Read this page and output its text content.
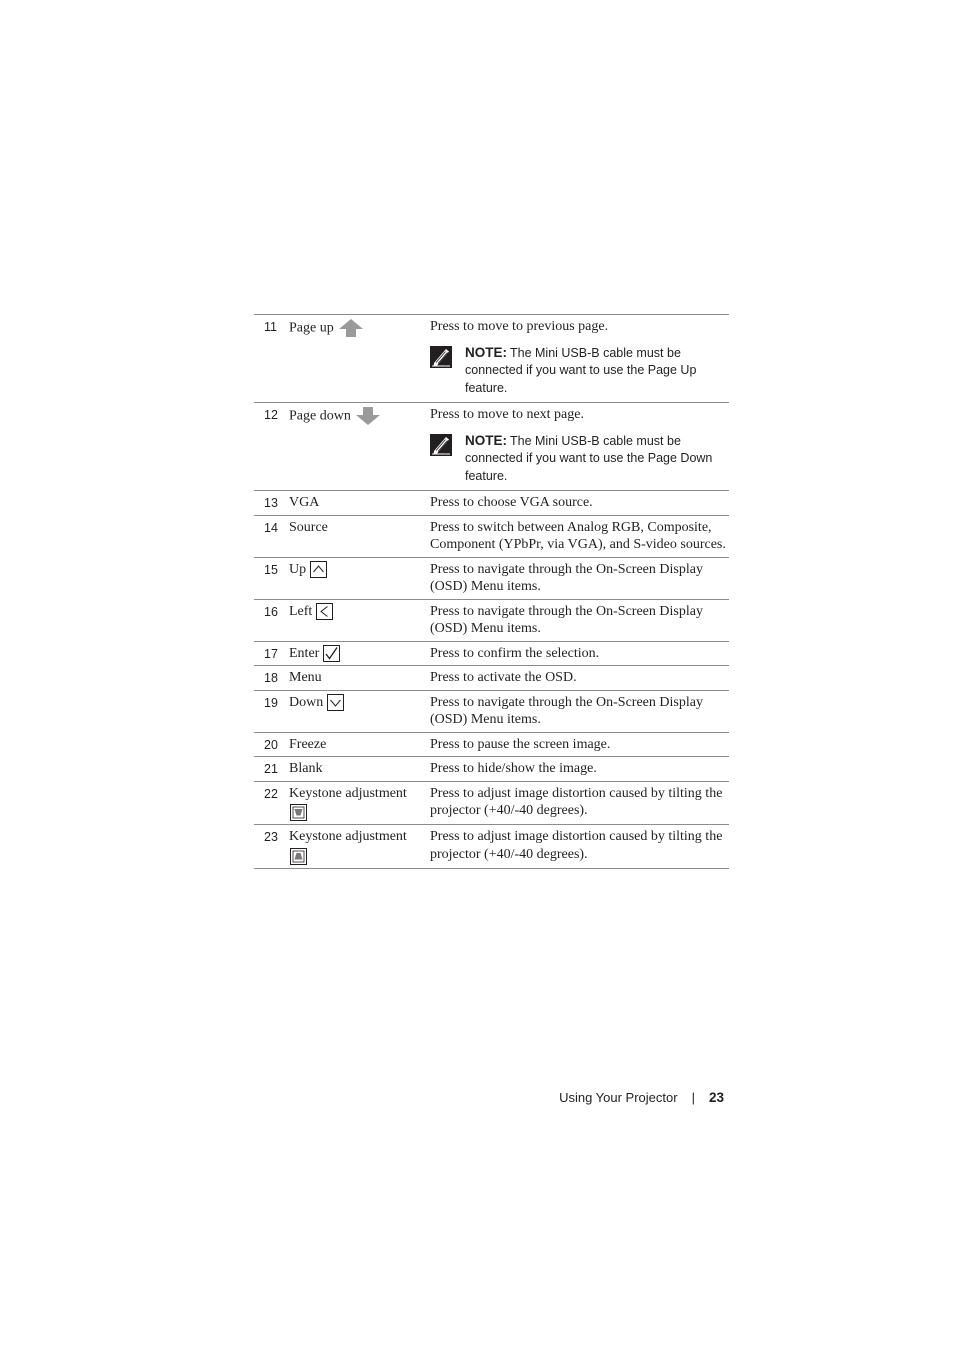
11 Page up	Press to move to previous page.
NOTE: The Mini USB-B cable must be connected if you want to use the Page Up feature.
12 Page down	Press to move to next page.
NOTE: The Mini USB-B cable must be connected if you want to use the Page Down feature.
13 VGA	Press to choose VGA source.
14 Source	Press to switch between Analog RGB, Composite, Component (YPbPr, via VGA), and S-video sources.
15 Up	Press to navigate through the On-Screen Display (OSD) Menu items.
16 Left	Press to navigate through the On-Screen Display (OSD) Menu items.
17 Enter	Press to confirm the selection.
18 Menu	Press to activate the OSD.
19 Down	Press to navigate through the On-Screen Display (OSD) Menu items.
20 Freeze	Press to pause the screen image.
21 Blank	Press to hide/show the image.
22 Keystone adjustment	Press to adjust image distortion caused by tilting the projector (+40/-40 degrees).
23 Keystone adjustment	Press to adjust image distortion caused by tilting the projector (+40/-40 degrees).
Using Your Projector | 23
